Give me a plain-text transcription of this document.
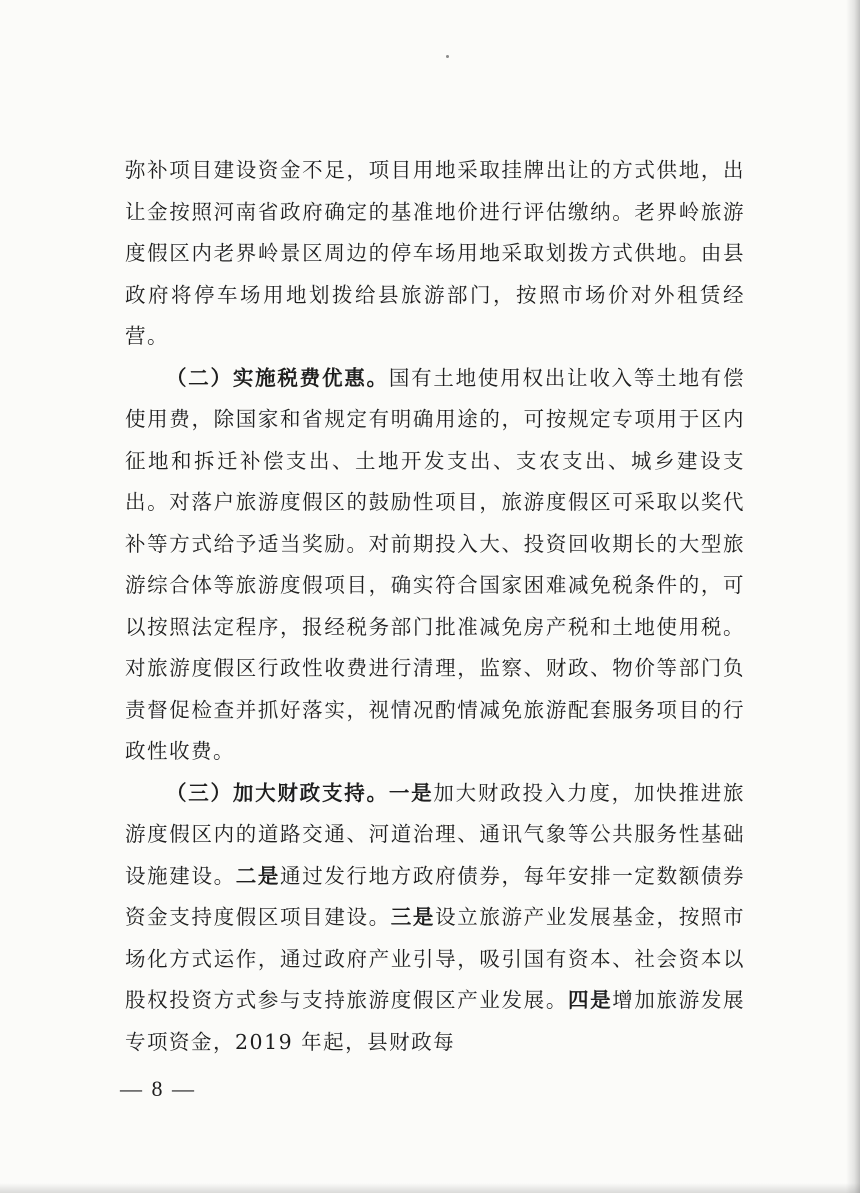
弥补项目建设资金不足，项目用地采取挂牌出让的方式供地，出让金按照河南省政府确定的基准地价进行评估缴纳。老界岭旅游度假区内老界岭景区周边的停车场用地采取划拨方式供地。由县政府将停车场用地划拨给县旅游部门，按照市场价对外租赁经营。

（二）实施税费优惠。国有土地使用权出让收入等土地有偿使用费，除国家和省规定有明确用途的，可按规定专项用于区内征地和拆迁补偿支出、土地开发支出、支农支出、城乡建设支出。对落户旅游度假区的鼓励性项目，旅游度假区可采取以奖代补等方式给予适当奖励。对前期投入大、投资回收期长的大型旅游综合体等旅游度假项目，确实符合国家困难减免税条件的，可以按照法定程序，报经税务部门批准减免房产税和土地使用税。对旅游度假区行政性收费进行清理，监察、财政、物价等部门负责督促检查并抓好落实，视情况酌情减免旅游配套服务项目的行政性收费。

（三）加大财政支持。一是加大财政投入力度，加快推进旅游度假区内的道路交通、河道治理、通讯气象等公共服务性基础设施建设。二是通过发行地方政府债券，每年安排一定数额债券资金支持度假区项目建设。三是设立旅游产业发展基金，按照市场化方式运作，通过政府产业引导，吸引国有资本、社会资本以股权投资方式参与支持旅游度假区产业发展。四是增加旅游发展专项资金，2019 年起，县财政每

— 8 —
